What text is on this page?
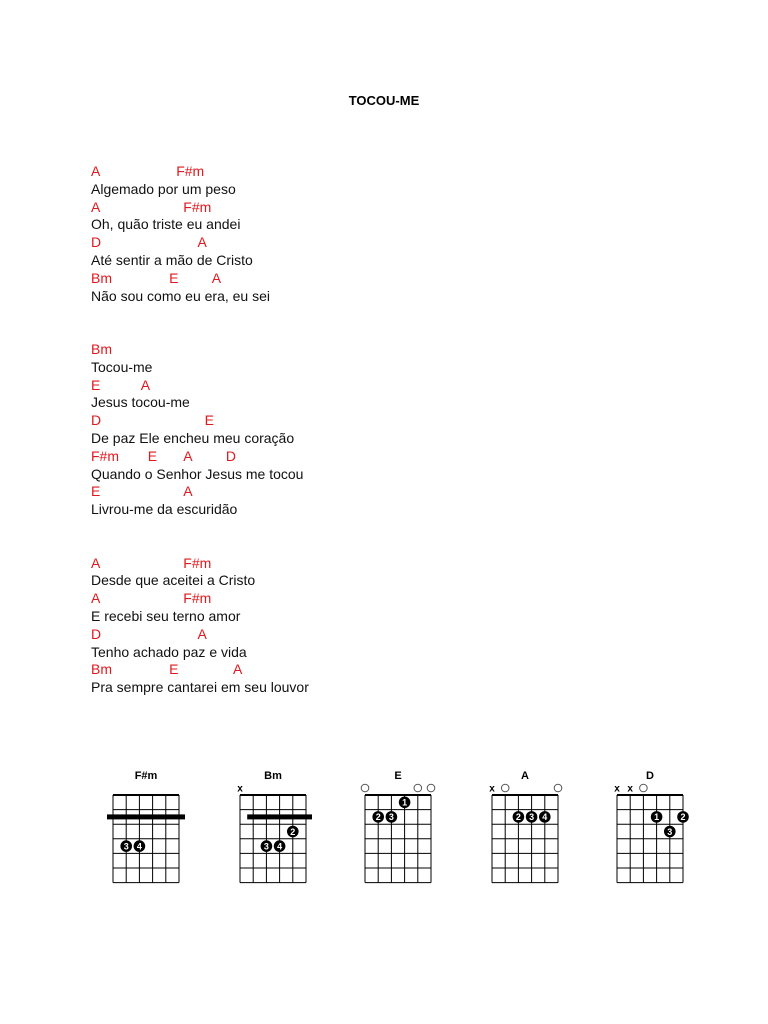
TOCOU-ME
A	F#m
Algemado por um peso
A	F#m
Oh, quão triste eu andei
D	A
Até sentir a mão de Cristo
Bm	E A
Não sou como eu era, eu sei
Bm
Tocou-me
E	A
Jesus tocou-me
D	E
De paz Ele encheu meu coração
F#m E A D
Quando o Senhor Jesus me tocou
E	A
Livrou-me da escuridão
A	F#m
Desde que aceitei a Cristo
A	F#m
E recebi seu terno amor
D	A
Tenho achado paz e vida
Bm	E	A
Pra sempre cantarei em seu louvor
F#m
3 4
Bm
x
2
3 4
E
1
2 3
A
x
2 3 4
D
x x
1 2
3
